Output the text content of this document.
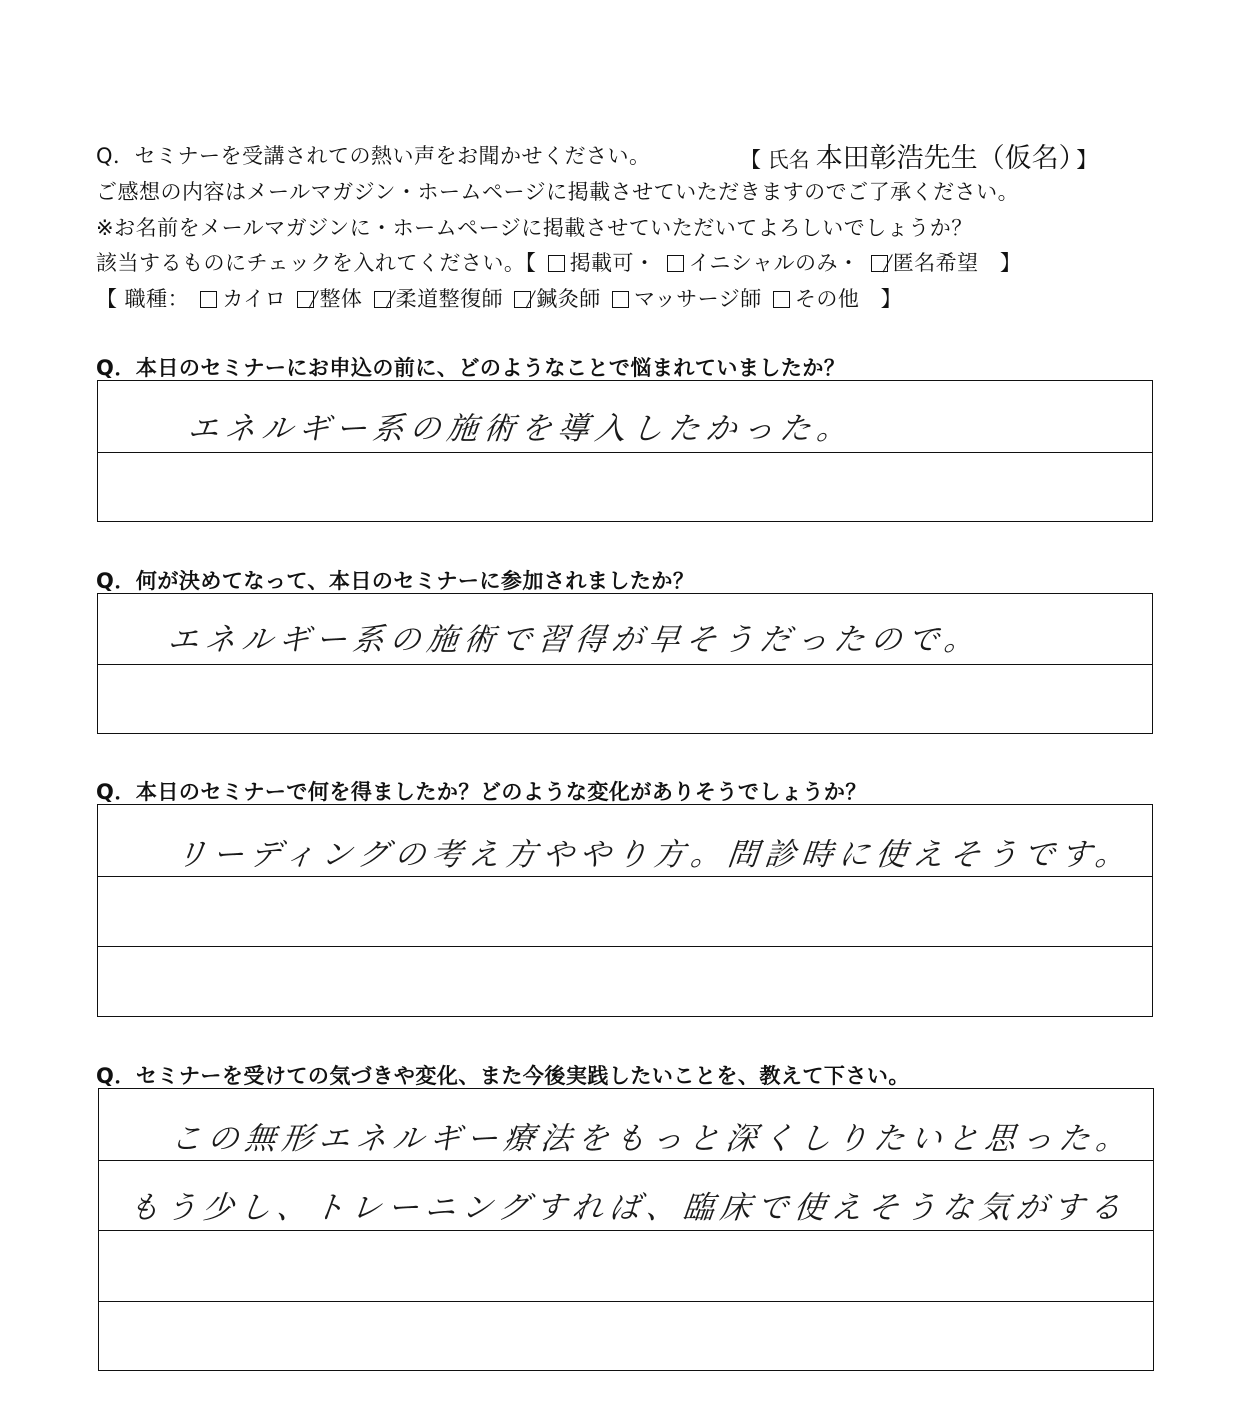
Q．セミナーを受講されての熱い声をお聞かせください。	【 氏名 本田彰浩先生（仮名） 】
ご感想の内容はメールマガジン・ホームページに掲載させていただきますのでご了承ください。
※お名前をメールマガジンに・ホームページに掲載させていただいてよろしいでしょうか？
該当するものにチェックを入れてください。【 掲載可・ イニシャルのみ・ 匿名希望 】
【 職種： カイロ 整体 柔道整復師 鍼灸師 マッサージ師 その他 】
Q．本日のセミナーにお申込の前に、どのようなことで悩まれていましたか？
エネルギー系の施術を導入したかった。
Q．何が決めてなって、本日のセミナーに参加されましたか？
エネルギー系の施術で習得が早そうだったので。
Q．本日のセミナーで何を得ましたか？どのような変化がありそうでしょうか？
リーディングの考え方ややり方。問診時に使えそうです。
Q．セミナーを受けての気づきや変化、また今後実践したいことを、教えて下さい。
この無形エネルギー療法をもっと深くしりたいと思った。
もう少し、トレーニングすれば、臨床で使えそうな気がする
